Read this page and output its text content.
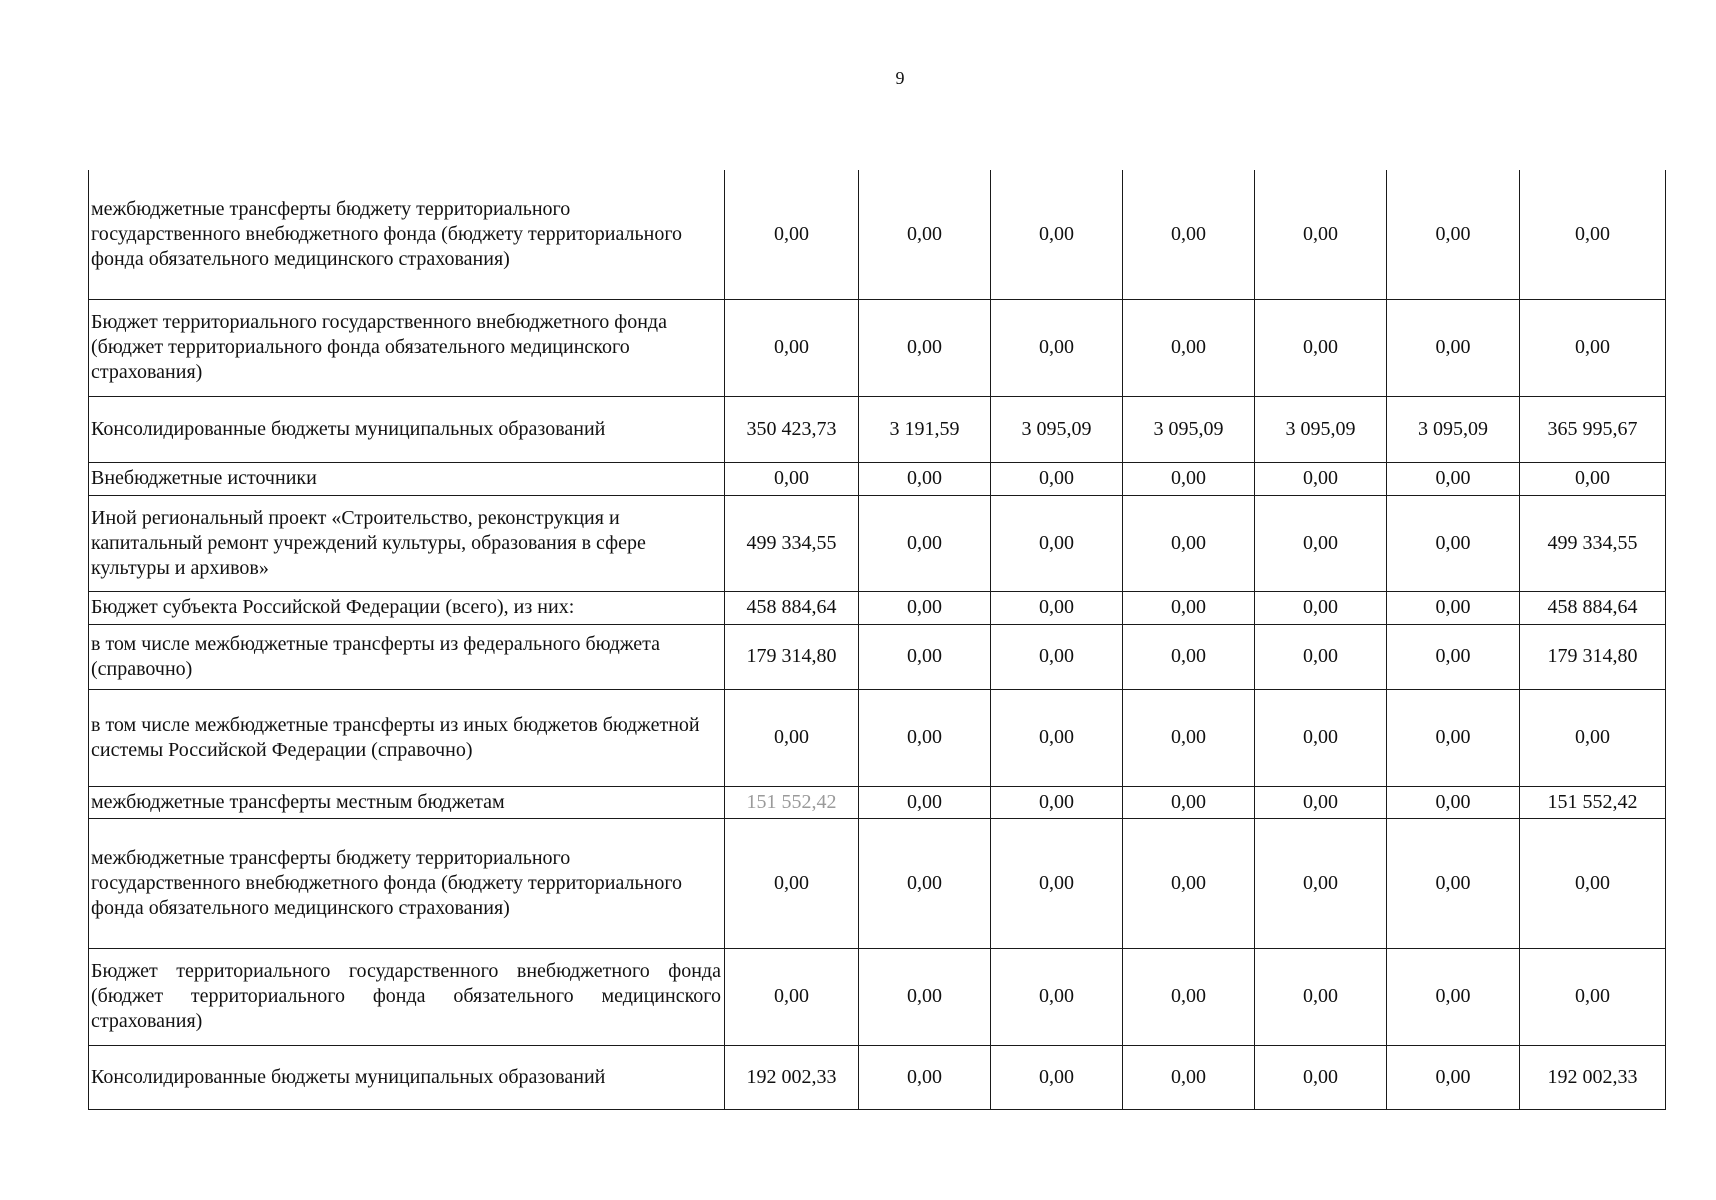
9
межбюджетные трансферты бюджету территориального государственного внебюджетного фонда (бюджету территориального фонда обязательного медицинского страхования)	0,00	0,00	0,00	0,00	0,00	0,00	0,00
Бюджет территориального государственного внебюджетного фонда (бюджет территориального фонда обязательного медицинского страхования)	0,00	0,00	0,00	0,00	0,00	0,00	0,00
Консолидированные бюджеты муниципальных образований	350 423,73	3 191,59	3 095,09	3 095,09	3 095,09	3 095,09	365 995,67
Внебюджетные источники	0,00	0,00	0,00	0,00	0,00	0,00	0,00
Иной региональный проект «Строительство, реконструкция и капитальный ремонт учреждений культуры, образования в сфере культуры и архивов»	499 334,55	0,00	0,00	0,00	0,00	0,00	499 334,55
Бюджет субъекта Российской Федерации (всего), из них:	458 884,64	0,00	0,00	0,00	0,00	0,00	458 884,64
в том числе межбюджетные трансферты из федерального бюджета (справочно)	179 314,80	0,00	0,00	0,00	0,00	0,00	179 314,80
в том числе межбюджетные трансферты из иных бюджетов бюджетной системы Российской Федерации (справочно)	0,00	0,00	0,00	0,00	0,00	0,00	0,00
межбюджетные трансферты местным бюджетам	151 552,42	0,00	0,00	0,00	0,00	0,00	151 552,42
межбюджетные трансферты бюджету территориального государственного внебюджетного фонда (бюджету территориального фонда обязательного медицинского страхования)	0,00	0,00	0,00	0,00	0,00	0,00	0,00
Бюджет территориального государственного внебюджетного фонда (бюджет территориального фонда обязательного медицинского страхования)	0,00	0,00	0,00	0,00	0,00	0,00	0,00
Консолидированные бюджеты муниципальных образований	192 002,33	0,00	0,00	0,00	0,00	0,00	192 002,33
